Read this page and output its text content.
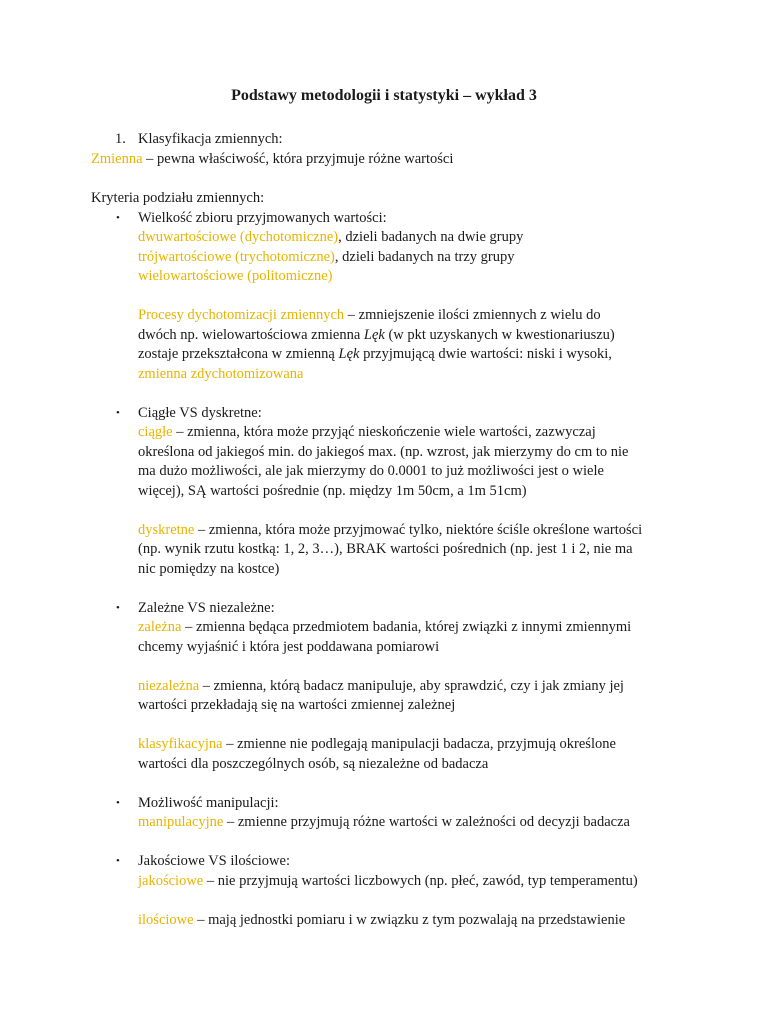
Podstawy metodologii i statystyki – wykład 3
1. Klasyfikacja zmiennych:
Zmienna – pewna właściwość, która przyjmuje różne wartości
Kryteria podziału zmiennych:
• Wielkość zbioru przyjmowanych wartości:
dwuwartościowe (dychotomiczne), dzieli badanych na dwie grupy
trójwartościowe (trychotomiczne), dzieli badanych na trzy grupy
wielowartościowe (politomiczne)
Procesy dychotomizacji zmiennych – zmniejszenie ilości zmiennych z wielu do
dwóch np. wielowartościowa zmienna Lęk (w pkt uzyskanych w kwestionariuszu)
zostaje przekształcona w zmienną Lęk przyjmującą dwie wartości: niski i wysoki,
zmienna zdychotomizowana
• Ciągłe VS dyskretne:
ciągłe – zmienna, która może przyjąć nieskończenie wiele wartości, zazwyczaj
określona od jakiegoś min. do jakiegoś max. (np. wzrost, jak mierzymy do cm to nie
ma dużo możliwości, ale jak mierzymy do 0.0001 to już możliwości jest o wiele
więcej), SĄ wartości pośrednie (np. między 1m 50cm, a 1m 51cm)
dyskretne – zmienna, która może przyjmować tylko, niektóre ściśle określone wartości
(np. wynik rzutu kostką: 1, 2, 3…), BRAK wartości pośrednich (np. jest 1 i 2, nie ma
nic pomiędzy na kostce)
• Zależne VS niezależne:
zależna – zmienna będąca przedmiotem badania, której związki z innymi zmiennymi
chcemy wyjaśnić i która jest poddawana pomiarowi
niezależna – zmienna, którą badacz manipuluje, aby sprawdzić, czy i jak zmiany jej
wartości przekładają się na wartości zmiennej zależnej
klasyfikacyjna – zmienne nie podlegają manipulacji badacza, przyjmują określone
wartości dla poszczególnych osób, są niezależne od badacza
• Możliwość manipulacji:
manipulacyjne – zmienne przyjmują różne wartości w zależności od decyzji badacza
• Jakościowe VS ilościowe:
jakościowe – nie przyjmują wartości liczbowych (np. płeć, zawód, typ temperamentu)
ilościowe – mają jednostki pomiaru i w związku z tym pozwalają na przedstawienie
